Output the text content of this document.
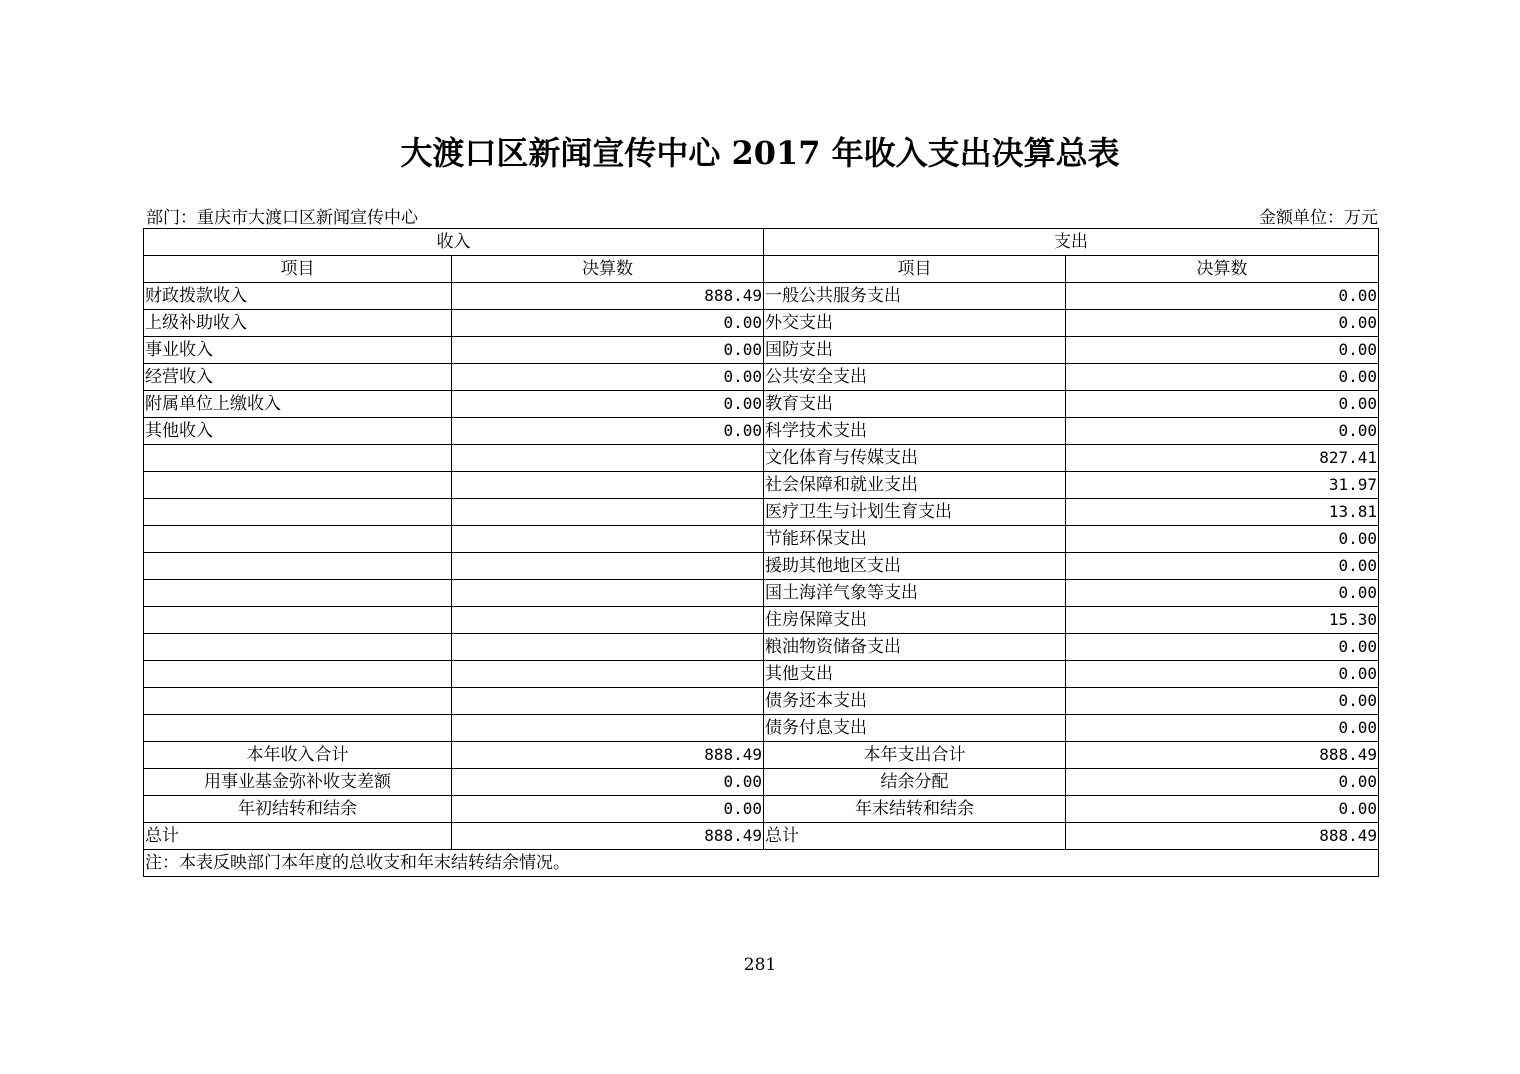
大渡口区新闻宣传中心 2017 年收入支出决算总表
部门：重庆市大渡口区新闻宣传中心	金额单位：万元
收入		支出	
项目	决算数	项目	决算数
财政拨款收入	888.49	一般公共服务支出	0.00
上级补助收入	0.00	外交支出	0.00
事业收入	0.00	国防支出	0.00
经营收入	0.00	公共安全支出	0.00
附属单位上缴收入	0.00	教育支出	0.00
其他收入	0.00	科学技术支出	0.00
		文化体育与传媒支出	827.41
		社会保障和就业支出	31.97
		医疗卫生与计划生育支出	13.81
		节能环保支出	0.00
		援助其他地区支出	0.00
		国土海洋气象等支出	0.00
		住房保障支出	15.30
		粮油物资储备支出	0.00
		其他支出	0.00
		债务还本支出	0.00
		债务付息支出	0.00
本年收入合计	888.49	本年支出合计	888.49
用事业基金弥补收支差额	0.00	结余分配	0.00
年初结转和结余	0.00	年末结转和结余	0.00
总计	888.49	总计	888.49
注：本表反映部门本年度的总收支和年末结转结余情况。			
281
